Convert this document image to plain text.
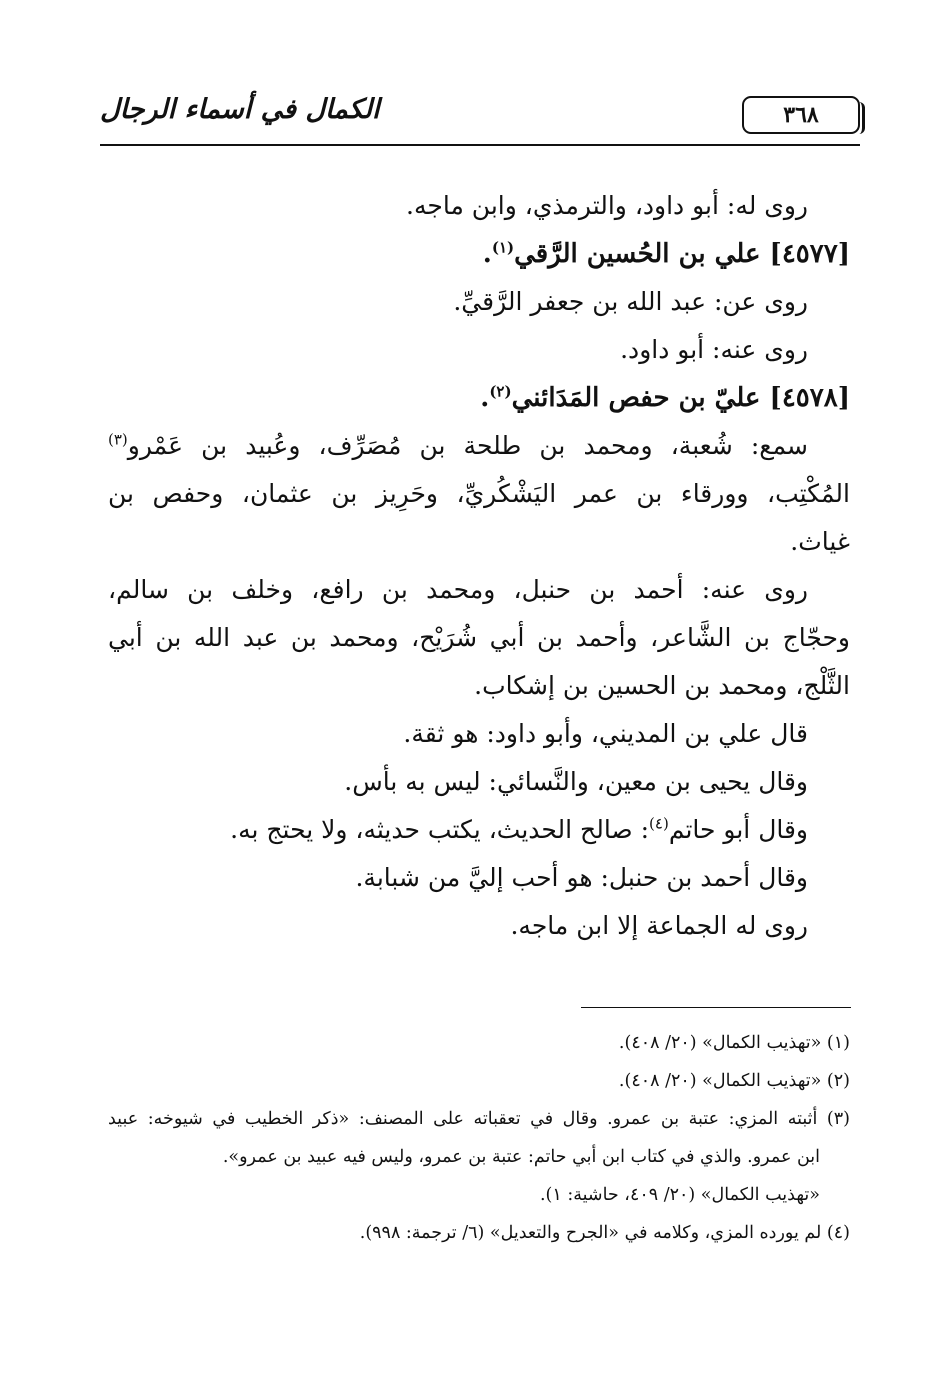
٣٦٨
الكمال في أسماء الرجال
روى له: أبو داود، والترمذي، وابن ماجه.
[٤٥٧٧] علي بن الحُسين الرَّقي$^{(١)}$.
روى عن: عبد الله بن جعفر الرَّقيِّ.
روى عنه: أبو داود.
[٤٥٧٨] عليّ بن حفص المَدَائني$^{(٢)}$.
سمع: شُعبة، ومحمد بن طلحة بن مُصَرِّف، وعُبيد بن عَمْرو$^{(٣)}$
المُكْتِب، وورقاء بن عمر اليَشْكُريِّ، وحَرِيز بن عثمان، وحفص بن
غياث.
روى عنه: أحمد بن حنبل، ومحمد بن رافع، وخلف بن سالم،
وحجّاج بن الشَّاعر، وأحمد بن أبي شُرَيْح، ومحمد بن عبد الله بن أبي
الثَّلْج، ومحمد بن الحسين بن إشكاب.
قال علي بن المديني، وأبو داود: هو ثقة.
وقال يحيى بن معين، والنَّسائي: ليس به بأس.
وقال أبو حاتم$^{(٤)}$: صالح الحديث، يكتب حديثه، ولا يحتج به.
وقال أحمد بن حنبل: هو أحب إليَّ من شبابة.
روى له الجماعة إلا ابن ماجه.
(١) «تهذيب الكمال» (٢٠/ ٤٠٨).
(٢) «تهذيب الكمال» (٢٠/ ٤٠٨).
(٣) أثبته المزي: عتبة بن عمرو. وقال في تعقباته على المصنف: «ذكر الخطيب في شيوخه: عبيد
ابن عمرو. والذي في كتاب ابن أبي حاتم: عتبة بن عمرو، وليس فيه عبيد بن عمرو».
«تهذيب الكمال» (٢٠/ ٤٠٩، حاشية: ١).
(٤) لم يورده المزي، وكلامه في «الجرح والتعديل» (٦/ ترجمة: ٩٩٨).
